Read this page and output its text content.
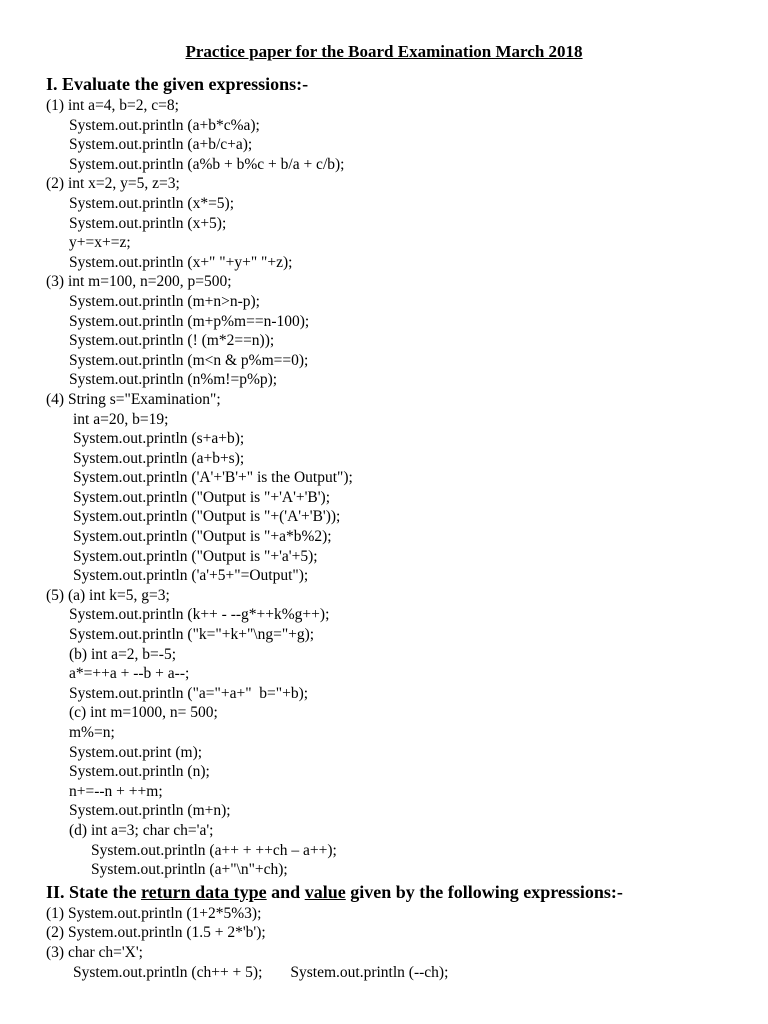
Practice paper for the Board Examination March 2018
I. Evaluate the given expressions:-
(1) int a=4, b=2, c=8;
System.out.println (a+b*c%a);
System.out.println (a+b/c+a);
System.out.println (a%b + b%c + b/a + c/b);
(2) int x=2, y=5, z=3;
System.out.println (x*=5);
System.out.println (x+5);
y+=x+=z;
System.out.println (x+" "+y+" "+z);
(3) int m=100, n=200, p=500;
System.out.println (m+n>n-p);
System.out.println (m+p%m==n-100);
System.out.println (! (m*2==n));
System.out.println (m<n & p%m==0);
System.out.println (n%m!=p%p);
(4) String s="Examination";
int a=20, b=19;
System.out.println (s+a+b);
System.out.println (a+b+s);
System.out.println ('A'+'B'+" is the Output");
System.out.println ("Output is "+'A'+'B');
System.out.println ("Output is "+('A'+'B'));
System.out.println ("Output is "+a*b%2);
System.out.println ("Output is "+'a'+5);
System.out.println ('a'+5+"=Output");
(5) (a) int k=5, g=3;
System.out.println (k++ - --g*++k%g++);
System.out.println ("k="+k+"\ng="+g);
(b) int a=2, b=-5;
a*=++a + --b + a--;
System.out.println ("a="+a+"  b="+b);
(c) int m=1000, n= 500;
m%=n;
System.out.print (m);
System.out.println (n);
n+=--n + ++m;
System.out.println (m+n);
(d) int a=3; char ch='a';
System.out.println (a++ + ++ch – a++);
System.out.println (a+"\n"+ch);
II. State the return data type and value given by the following expressions:-
(1) System.out.println (1+2*5%3);
(2) System.out.println (1.5 + 2*'b');
(3) char ch='X';
System.out.println (ch++ + 5); System.out.println (--ch);
